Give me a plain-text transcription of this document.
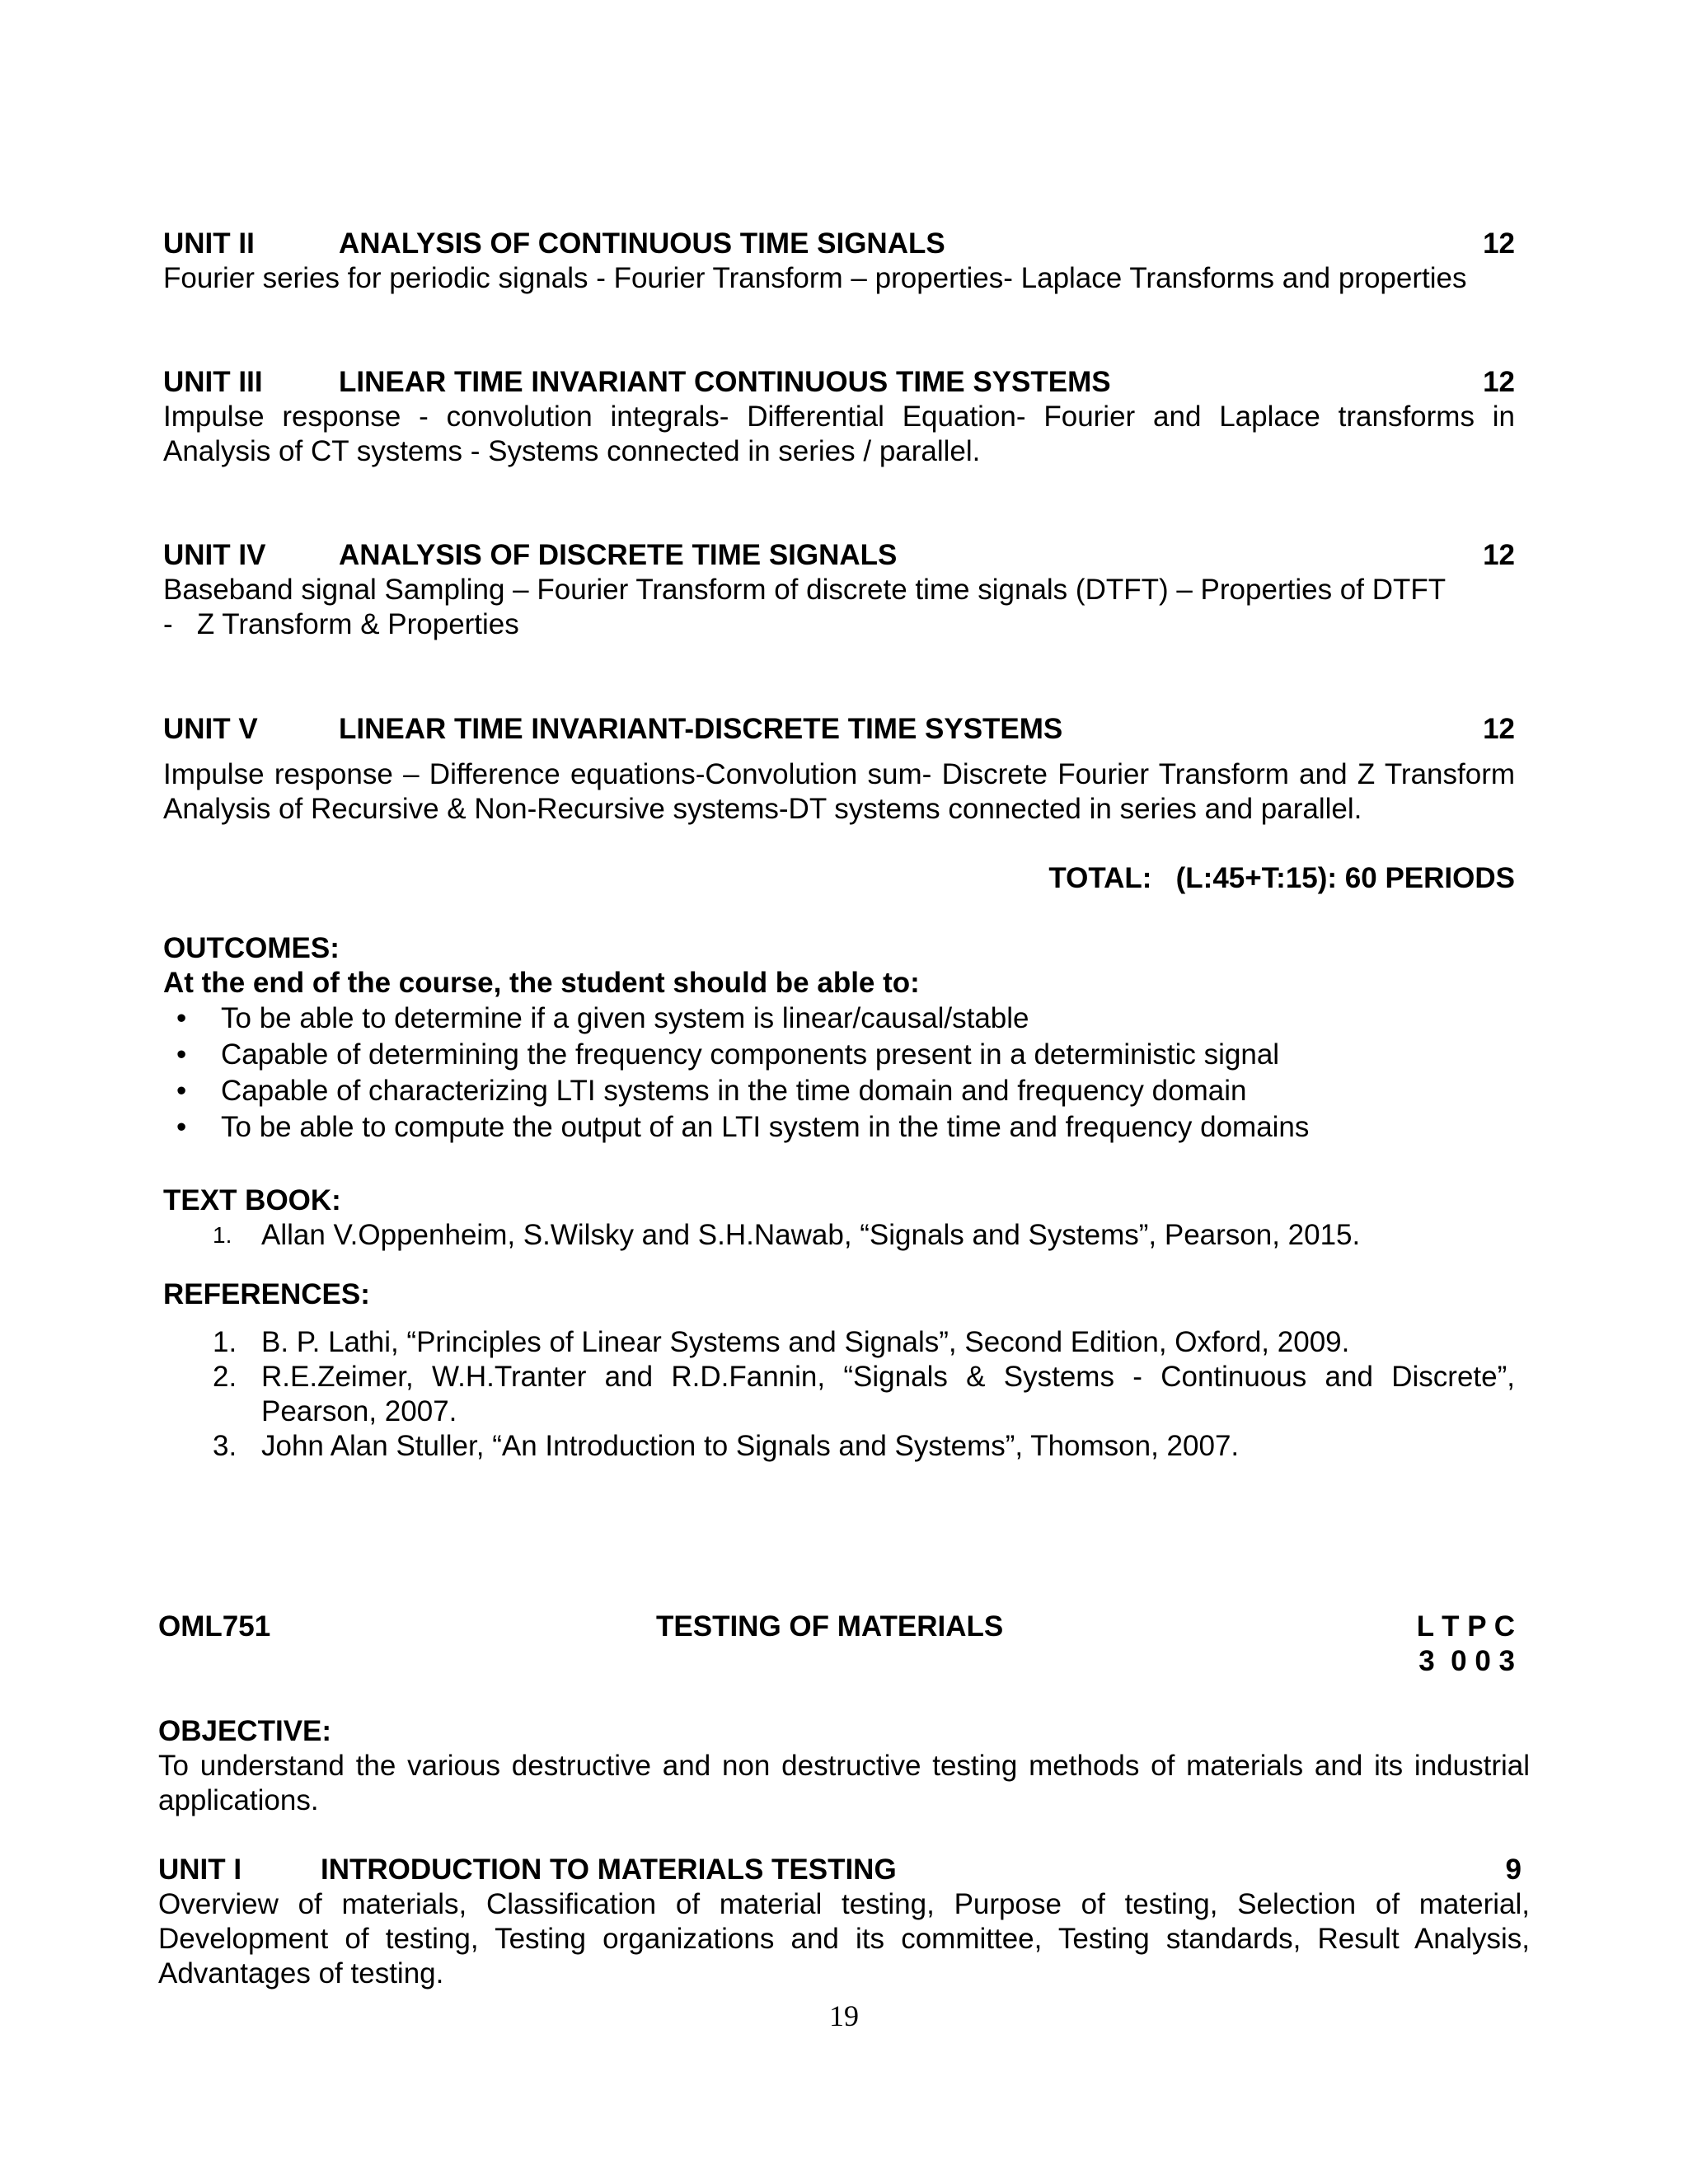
UNIT II	ANALYSIS OF CONTINUOUS TIME SIGNALS	12
Fourier series for periodic signals - Fourier Transform – properties- Laplace Transforms and properties
UNIT III	LINEAR TIME INVARIANT CONTINUOUS TIME SYSTEMS	12
Impulse response - convolution integrals- Differential Equation- Fourier and Laplace transforms in Analysis of CT systems - Systems connected in series / parallel.
UNIT IV	ANALYSIS OF DISCRETE TIME SIGNALS	12
Baseband signal Sampling – Fourier Transform of discrete time signals (DTFT) – Properties of DTFT
-   Z Transform & Properties
UNIT V	LINEAR TIME INVARIANT-DISCRETE TIME SYSTEMS	12
Impulse response – Difference equations-Convolution sum- Discrete Fourier Transform and Z Transform Analysis of Recursive & Non-Recursive systems-DT systems connected in series and parallel.
TOTAL: (L:45+T:15): 60 PERIODS
OUTCOMES:
At the end of the course, the student should be able to:
• To be able to determine if a given system is linear/causal/stable
• Capable of determining the frequency components present in a deterministic signal
• Capable of characterizing LTI systems in the time domain and frequency domain
• To be able to compute the output of an LTI system in the time and frequency domains
TEXT BOOK:
1. Allan V.Oppenheim, S.Wilsky and S.H.Nawab, “Signals and Systems”, Pearson, 2015.
REFERENCES:
1. B. P. Lathi, “Principles of Linear Systems and Signals”, Second Edition, Oxford, 2009.
2. R.E.Zeimer, W.H.Tranter and R.D.Fannin, “Signals & Systems - Continuous and Discrete”, Pearson, 2007.
3. John Alan Stuller, “An Introduction to Signals and Systems”, Thomson, 2007.
OML751	TESTING OF MATERIALS	L T P C
3  0 0 3
OBJECTIVE:
To understand the various destructive and non destructive testing methods of materials and its industrial applications.
UNIT I	INTRODUCTION TO MATERIALS TESTING	9
Overview of materials, Classification of material testing, Purpose of testing, Selection of material, Development of testing, Testing organizations and its committee, Testing standards, Result Analysis, Advantages of testing.
19
